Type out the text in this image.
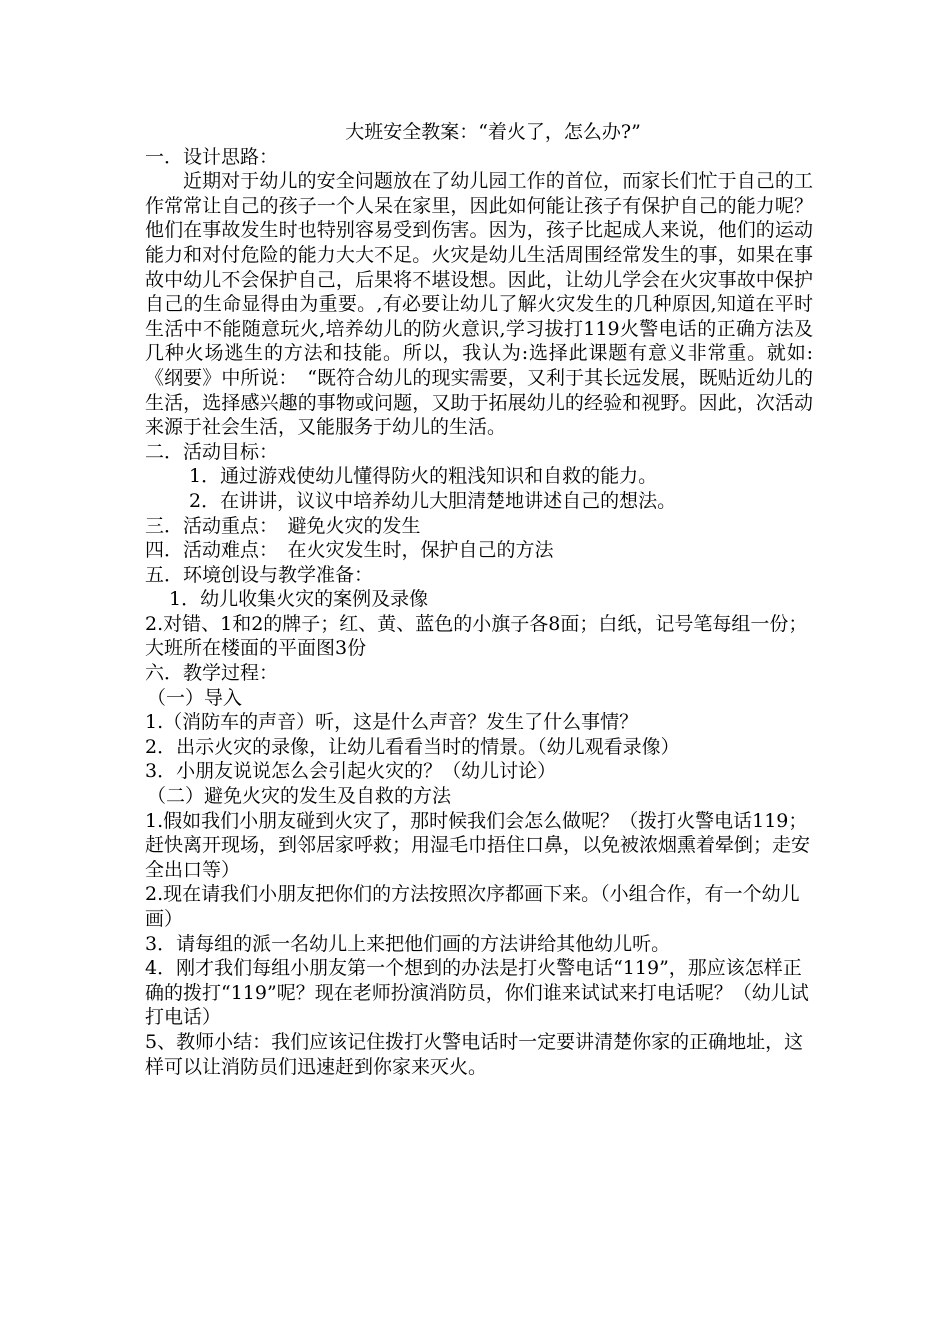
大班安全教案：“着火了，怎么办?”

一．设计思路：

近期对于幼儿的安全问题放在了幼儿园工作的首位，而家长们忙于自己的工作常常让自己的孩子一个人呆在家里，因此如何能让孩子有保护自己的能力呢？他们在事故发生时也特别容易受到伤害。因为，孩子比起成人来说，他们的运动能力和对付危险的能力大大不足。火灾是幼儿生活周围经常发生的事，如果在事故中幼儿不会保护自己，后果将不堪设想。因此，让幼儿学会在火灾事故中保护自己的生命显得由为重要。,有必要让幼儿了解火灾发生的几种原因,知道在平时生活中不能随意玩火,培养幼儿的防火意识,学习拔打119火警电话的正确方法及几种火场逃生的方法和技能。所以，我认为:选择此课题有意义非常重。就如:《纲要》中所说：　“既符合幼儿的现实需要，又利于其长远发展，既贴近幼儿的生活，选择感兴趣的事物或问题，又助于拓展幼儿的经验和视野。因此，次活动来源于社会生活，又能服务于幼儿的生活。

二．活动目标：

1．通过游戏使幼儿懂得防火的粗浅知识和自救的能力。

2．在讲讲，议议中培养幼儿大胆清楚地讲述自己的想法。

三．活动重点：　避免火灾的发生

四．活动难点：　在火灾发生时，保护自己的方法

五．环境创设与教学准备：

1．幼儿收集火灾的案例及录像

2.对错、1和2的牌子；红、黄、蓝色的小旗子各8面；白纸，记号笔每组一份；大班所在楼面的平面图3份

六．教学过程：

（一）导入

1.（消防车的声音）听，这是什么声音？发生了什么事情？

2．出示火灾的录像，让幼儿看看当时的情景。（幼儿观看录像）

3．小朋友说说怎么会引起火灾的？（幼儿讨论）

（二）避免火灾的发生及自救的方法

1.假如我们小朋友碰到火灾了，那时候我们会怎么做呢？（拨打火警电话119；赶快离开现场，到邻居家呼救；用湿毛巾捂住口鼻，以免被浓烟熏着晕倒；走安全出口等）

2.现在请我们小朋友把你们的方法按照次序都画下来。（小组合作，有一个幼儿画）

3．请每组的派一名幼儿上来把他们画的方法讲给其他幼儿听。

4．刚才我们每组小朋友第一个想到的办法是打火警电话“119”，那应该怎样正确的拨打“119”呢？现在老师扮演消防员，你们谁来试试来打电话呢？（幼儿试打电话）

5、教师小结：我们应该记住拨打火警电话时一定要讲清楚你家的正确地址，这样可以让消防员们迅速赶到你家来灭火。
